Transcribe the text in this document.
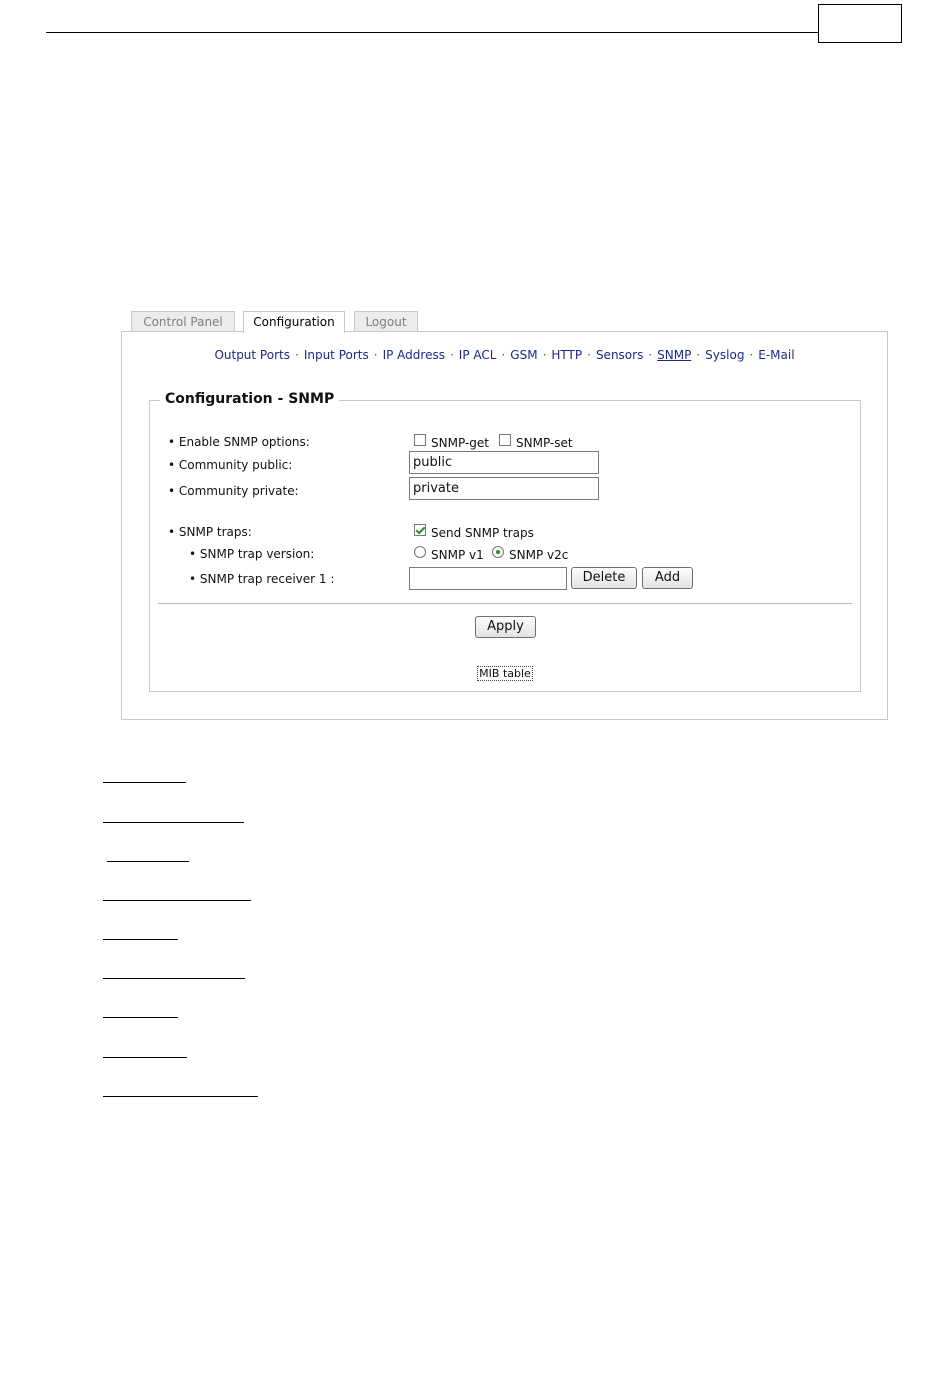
Control Panel	Configuration	Logout
Output Ports · Input Ports · IP Address · IP ACL · GSM · HTTP · Sensors · SNMP · Syslog · E-Mail
Configuration - SNMP
• Enable SNMP options:	SNMP-get SNMP-set
• Community public:
public
• Community private:
private
• SNMP traps:	Send SNMP traps
• SNMP trap version:	SNMP v1 SNMP v2c
• SNMP trap receiver 1 :	Delete	Add
Apply
MIB table
